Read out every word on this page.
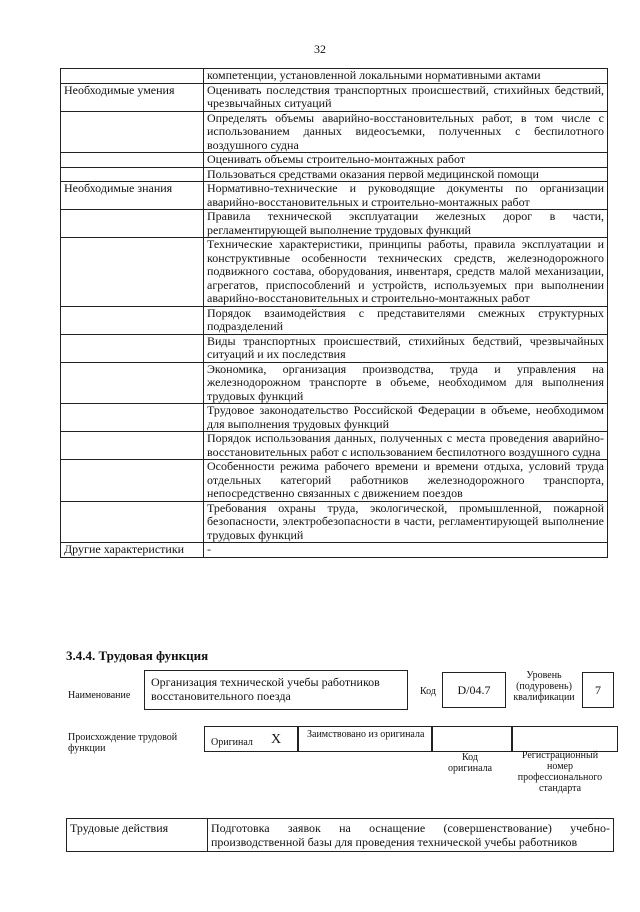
32
	компетенции, установленной локальными нормативными актами
Необходимые умения	Оценивать последствия транспортных происшествий, стихийных бедствий, чрезвычайных ситуаций
	Определять объемы аварийно-восстановительных работ, в том числе с использованием данных видеосъемки, полученных с беспилотного воздушного судна
	Оценивать объемы строительно-монтажных работ
	Пользоваться средствами оказания первой медицинской помощи
Необходимые знания	Нормативно-технические и руководящие документы по организации аварийно-восстановительных и строительно-монтажных работ
	Правила технической эксплуатации железных дорог в части, регламентирующей выполнение трудовых функций
	Технические характеристики, принципы работы, правила эксплуатации и конструктивные особенности технических средств, железнодорожного подвижного состава, оборудования, инвентаря, средств малой механизации, агрегатов, приспособлений и устройств, используемых при выполнении аварийно-восстановительных и строительно-монтажных работ
	Порядок взаимодействия с представителями смежных структурных подразделений
	Виды транспортных происшествий, стихийных бедствий, чрезвычайных ситуаций и их последствия
	Экономика, организация производства, труда и управления на железнодорожном транспорте в объеме, необходимом для выполнения трудовых функций
	Трудовое законодательство Российской Федерации в объеме, необходимом для выполнения трудовых функций
	Порядок использования данных, полученных с места проведения аварийно-восстановительных работ с использованием беспилотного воздушного судна
	Особенности режима рабочего времени и времени отдыха, условий труда отдельных категорий работников железнодорожного транспорта, непосредственно связанных с движением поездов
	Требования охраны труда, экологической, промышленной, пожарной безопасности, электробезопасности в части, регламентирующей выполнение трудовых функций
Другие характеристики	-
3.4.4. Трудовая функция
Наименование
Организация технической учебы работников восстановительного поезда	Код	D/04.7
Уровень (подуровень) квалификации
7
Происхождение трудовой функции
Оригинал X	Заимствовано из оригинала
Код оригинала
Регистрационный номер профессионального стандарта
Трудовые действия	Подготовка заявок на оснащение (совершенствование) учебно-производственной базы для проведения технической учебы работников
